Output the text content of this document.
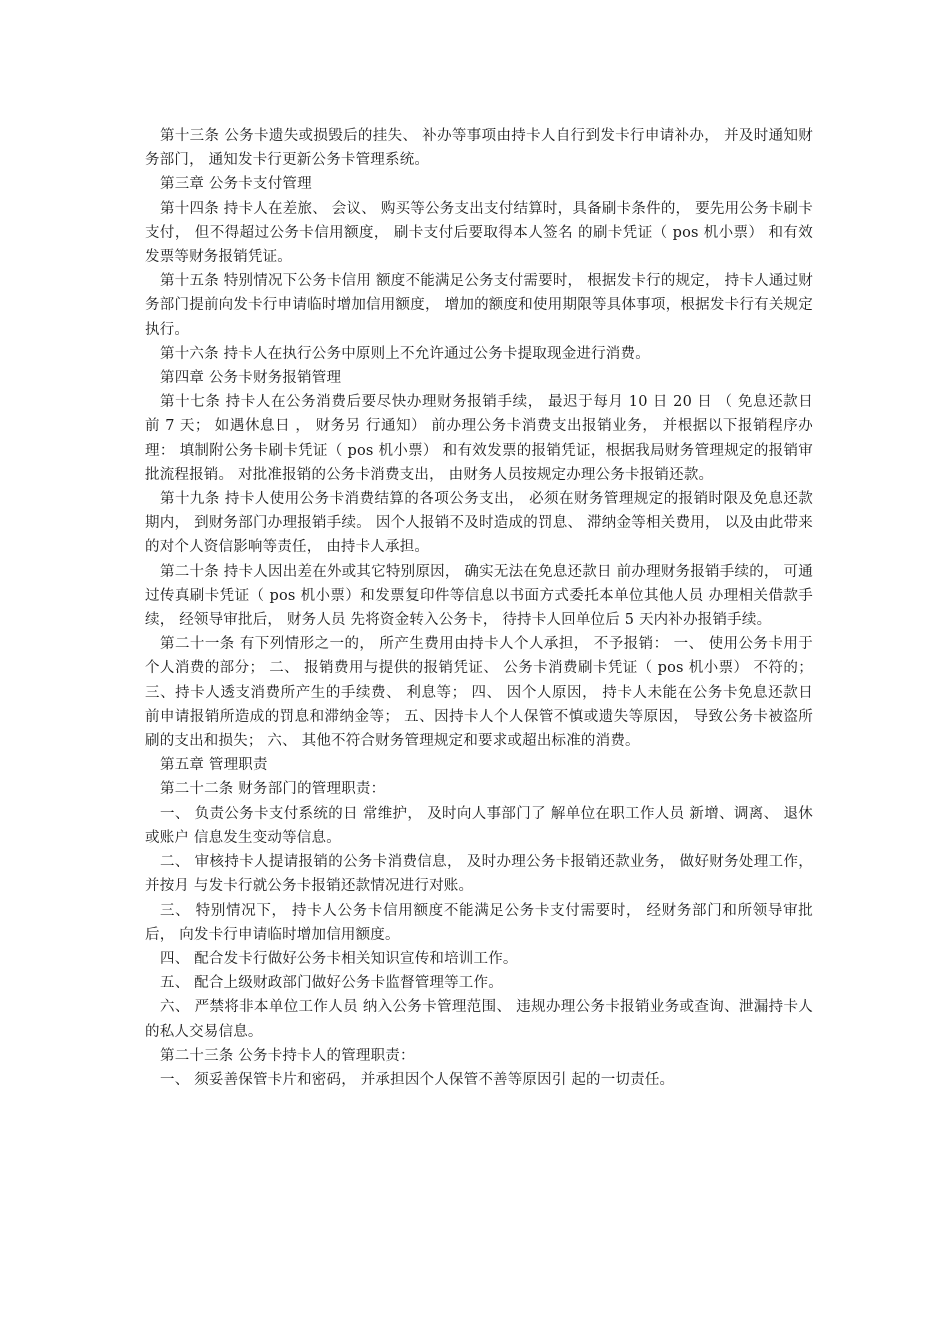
第十三条 公务卡遗失或损毁后的挂失、 补办等事项由持卡人自行到发卡行申请补办， 并及时通知财务部门， 通知发卡行更新公务卡管理系统。

第三章 公务卡支付管理

第十四条 持卡人在差旅、 会议、 购买等公务支出支付结算时，具备刷卡条件的， 要先用公务卡刷卡支付， 但不得超过公务卡信用额度， 刷卡支付后要取得本人签名 的刷卡凭证（ pos 机小票） 和有效发票等财务报销凭证。

第十五条 特别情况下公务卡信用 额度不能满足公务支付需要时， 根据发卡行的规定， 持卡人通过财务部门提前向发卡行申请临时增加信用额度， 增加的额度和使用期限等具体事项，根据发卡行有关规定执行。

第十六条 持卡人在执行公务中原则上不允许通过公务卡提取现金进行消费。

第四章 公务卡财务报销管理

第十七条 持卡人在公务消费后要尽快办理财务报销手续， 最迟于每月 10 日 20 日 （ 免息还款日 前 7 天； 如遇休息日 ， 财务另 行通知） 前办理公务卡消费支出报销业务， 并根据以下报销程序办理： 填制附公务卡刷卡凭证（ pos 机小票） 和有效发票的报销凭证，根据我局财务管理规定的报销审批流程报销。 对批准报销的公务卡消费支出， 由财务人员按规定办理公务卡报销还款。

第十九条 持卡人使用公务卡消费结算的各项公务支出， 必须在财务管理规定的报销时限及免息还款期内， 到财务部门办理报销手续。 因个人报销不及时造成的罚息、 滞纳金等相关费用， 以及由此带来的对个人资信影响等责任， 由持卡人承担。

第二十条 持卡人因出差在外或其它特别原因， 确实无法在免息还款日 前办理财务报销手续的， 可通过传真刷卡凭证（ pos 机小票）和发票复印件等信息以书面方式委托本单位其他人员 办理相关借款手续， 经领导审批后， 财务人员 先将资金转入公务卡， 待持卡人回单位后 5 天内补办报销手续。

第二十一条 有下列情形之一的， 所产生费用由持卡人个人承担， 不予报销： 一、 使用公务卡用于个人消费的部分； 二、 报销费用与提供的报销凭证、 公务卡消费刷卡凭证（ pos 机小票） 不符的； 三、持卡人透支消费所产生的手续费、 利息等； 四、 因个人原因， 持卡人未能在公务卡免息还款日 前申请报销所造成的罚息和滞纳金等； 五、因持卡人个人保管不慎或遗失等原因， 导致公务卡被盗所刷的支出和损失； 六、 其他不符合财务管理规定和要求或超出标准的消费。

第五章 管理职责

第二十二条 财务部门的管理职责：

一、 负责公务卡支付系统的日 常维护， 及时向人事部门了 解单位在职工作人员 新增、调离、 退休或账户 信息发生变动等信息。

二、 审核持卡人提请报销的公务卡消费信息， 及时办理公务卡报销还款业务， 做好财务处理工作， 并按月 与发卡行就公务卡报销还款情况进行对账。

三、 特别情况下， 持卡人公务卡信用额度不能满足公务卡支付需要时， 经财务部门和所领导审批后， 向发卡行申请临时增加信用额度。

四、 配合发卡行做好公务卡相关知识宣传和培训工作。

五、 配合上级财政部门做好公务卡监督管理等工作。

六、 严禁将非本单位工作人员 纳入公务卡管理范围、 违规办理公务卡报销业务或查询、泄漏持卡人的私人交易信息。

第二十三条 公务卡持卡人的管理职责：

一、 须妥善保管卡片和密码， 并承担因个人保管不善等原因引 起的一切责任。
